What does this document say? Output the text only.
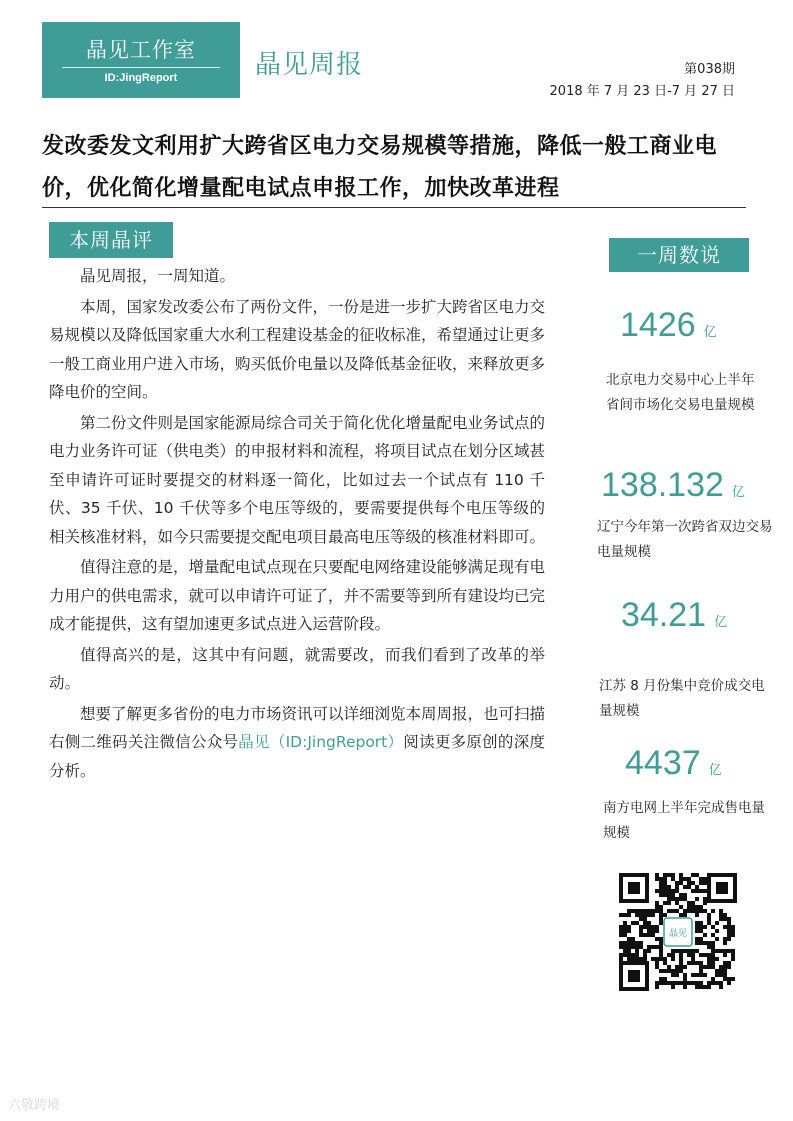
晶见工作室
ID:JingReport	晶见周报	第038期
2018 年 7 月 23 日-7 月 27 日
发改委发文利用扩大跨省区电力交易规模等措施，降低一般工商业电价，优化简化增量配电试点申报工作，加快改革进程
本周晶评

晶见周报，一周知道。

本周，国家发改委公布了两份文件，一份是进一步扩大跨省区电力交易规模以及降低国家重大水利工程建设基金的征收标准，希望通过让更多一般工商业用户进入市场，购买低价电量以及降低基金征收，来释放更多降电价的空间。

第二份文件则是国家能源局综合司关于简化优化增量配电业务试点的电力业务许可证（供电类）的申报材料和流程，将项目试点在划分区域甚至申请许可证时要提交的材料逐一简化，比如过去一个试点有 110 千伏、35 千伏、10 千伏等多个电压等级的，要需要提供每个电压等级的相关核准材料，如今只需要提交配电项目最高电压等级的核准材料即可。

值得注意的是，增量配电试点现在只要配电网络建设能够满足现有电力用户的供电需求，就可以申请许可证了，并不需要等到所有建设均已完成才能提供，这有望加速更多试点进入运营阶段。

值得高兴的是，这其中有问题，就需要改，而我们看到了改革的举动。

想要了解更多省份的电力市场资讯可以详细浏览本周周报，也可扫描右侧二维码关注微信公众号晶见（ID:JingReport）阅读更多原创的深度分析。

一周数说
1426 亿
北京电力交易中心上半年省间市场化交易电量规模
138.132 亿
辽宁今年第一次跨省双边交易电量规模
34.21 亿
江苏 8 月份集中竞价成交电量规模
4437 亿
南方电网上半年完成售电量规模
晶见
六敬跨境
